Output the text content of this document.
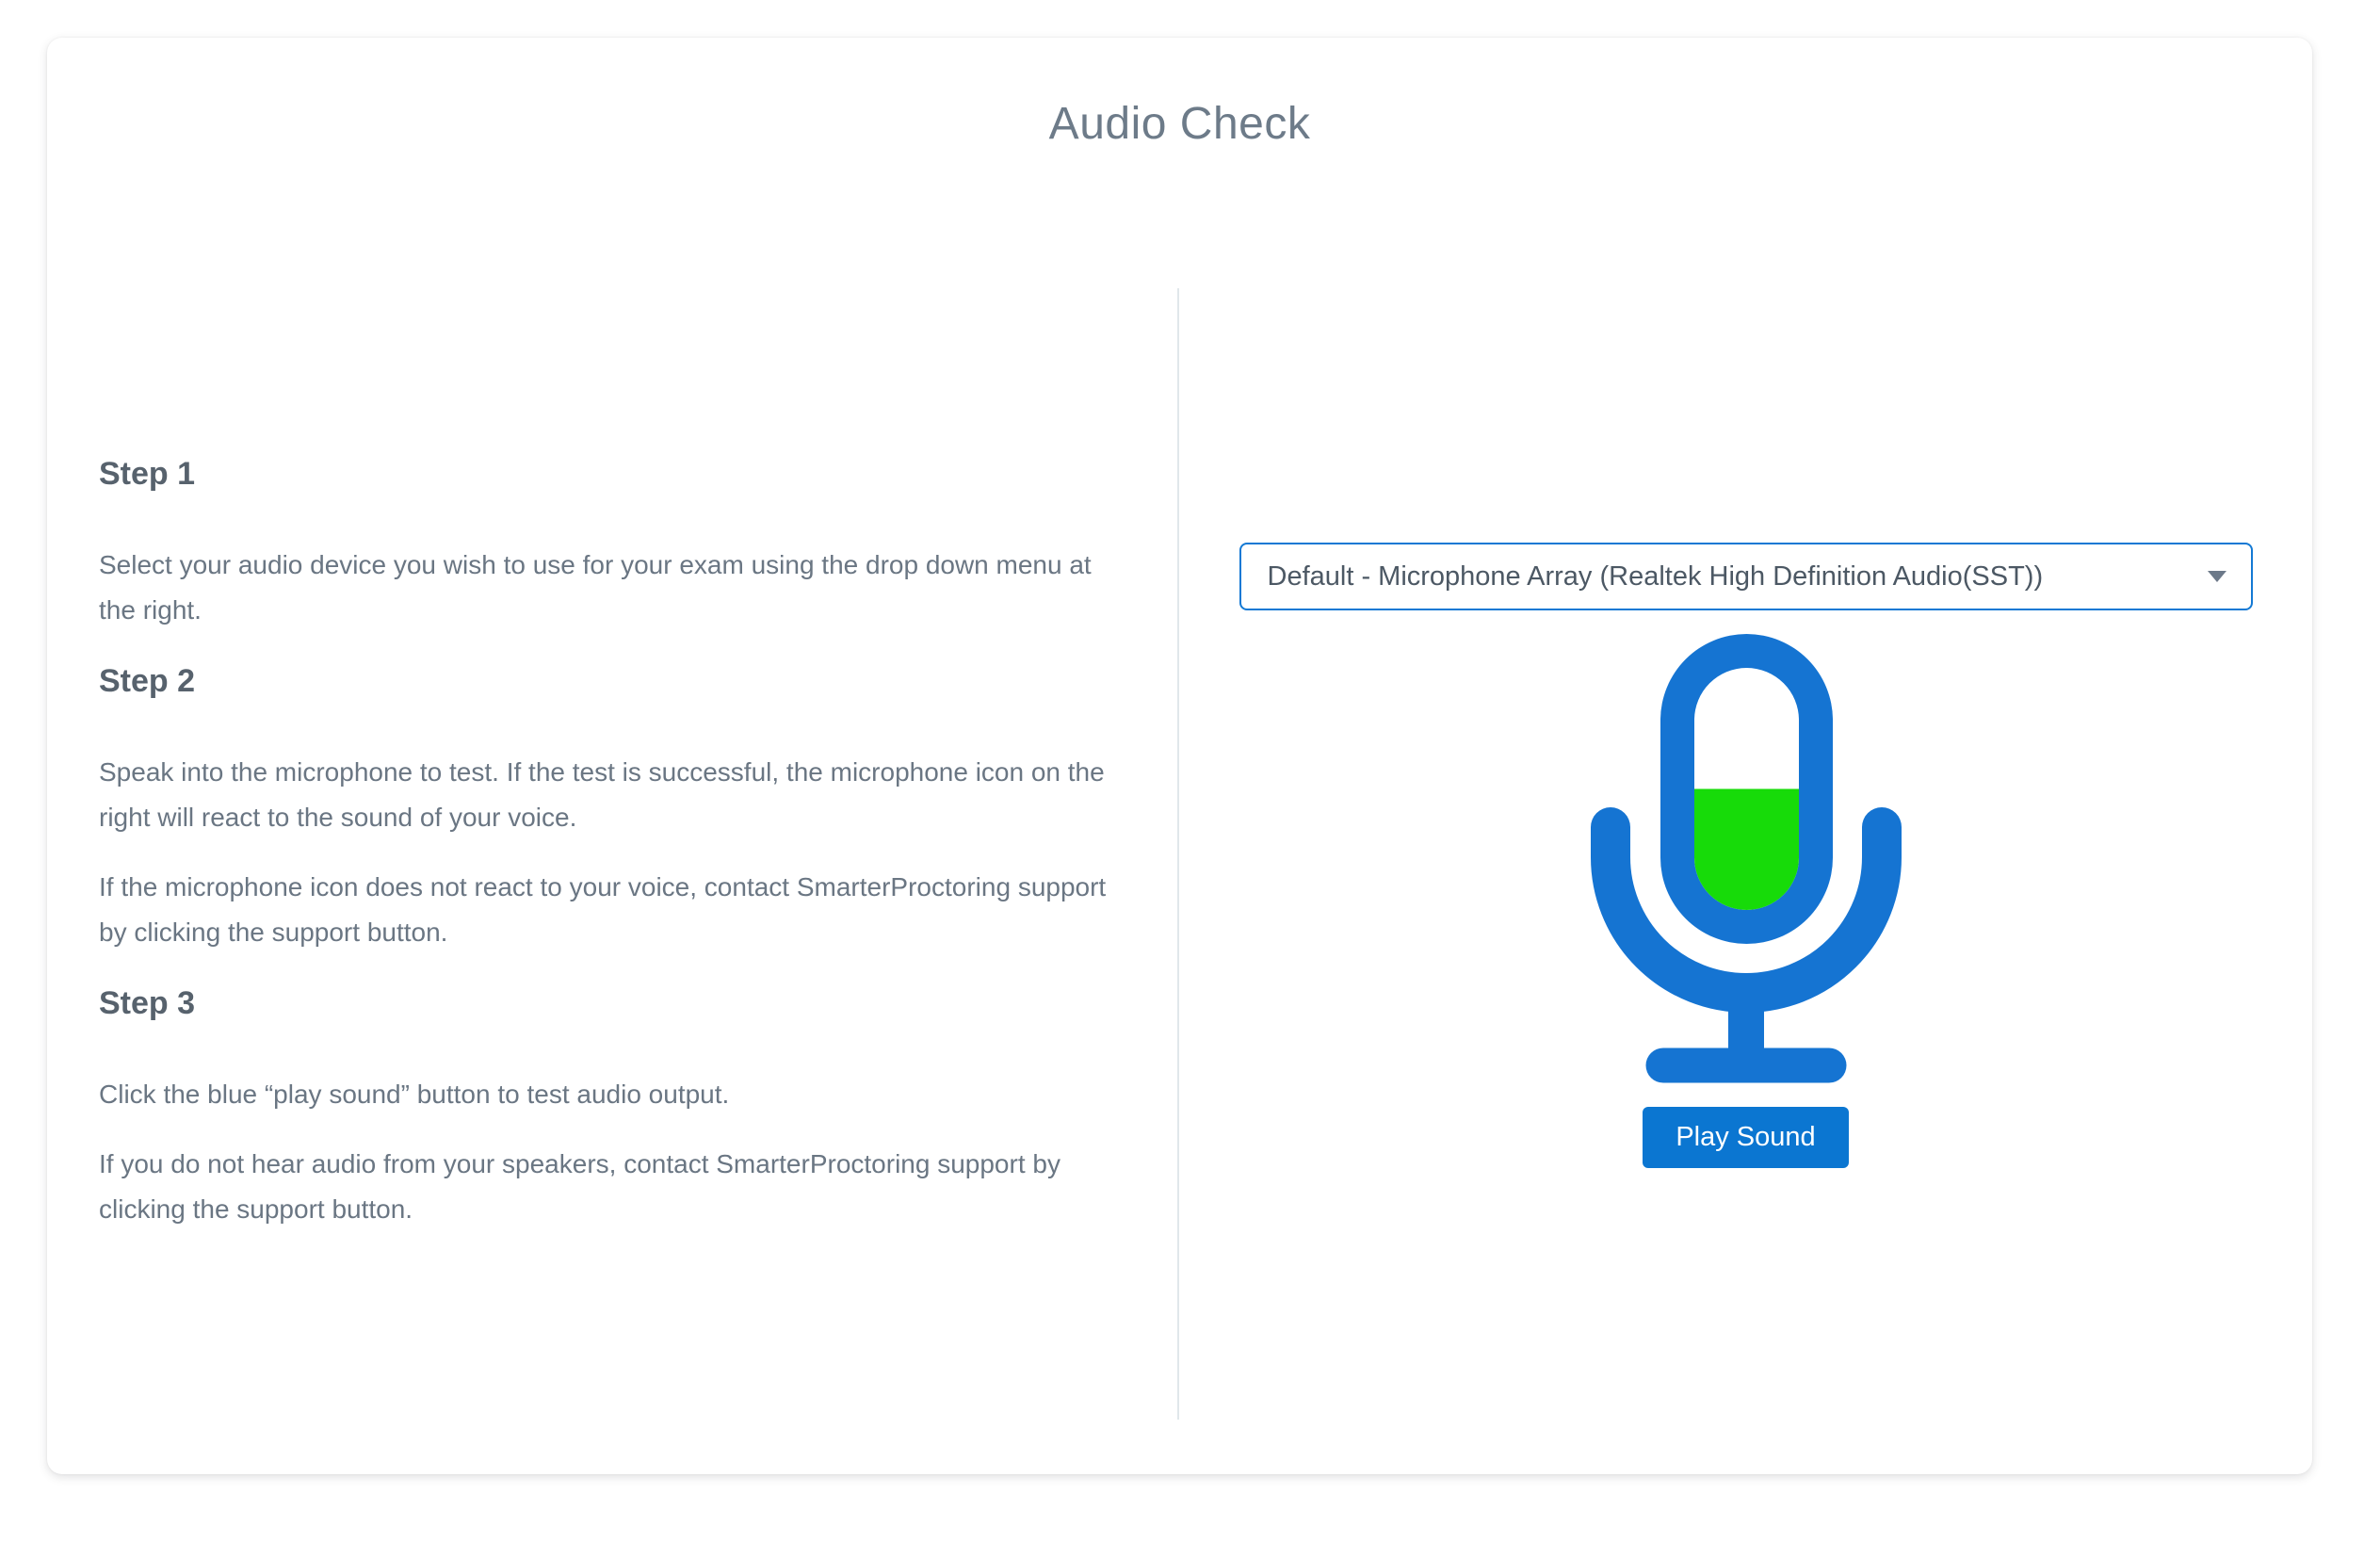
Audio Check
Step 1

Select your audio device you wish to use for your exam using the drop down menu at the right.

Step 2

Speak into the microphone to test. If the test is successful, the microphone icon on the right will react to the sound of your voice.

If the microphone icon does not react to your voice, contact SmarterProctoring support by clicking the support button.

Step 3

Click the blue “play sound” button to test audio output.

If you do not hear audio from your speakers, contact SmarterProctoring support by clicking the support button.

Default - Microphone Array (Realtek High Definition Audio(SST))
Play Sound
